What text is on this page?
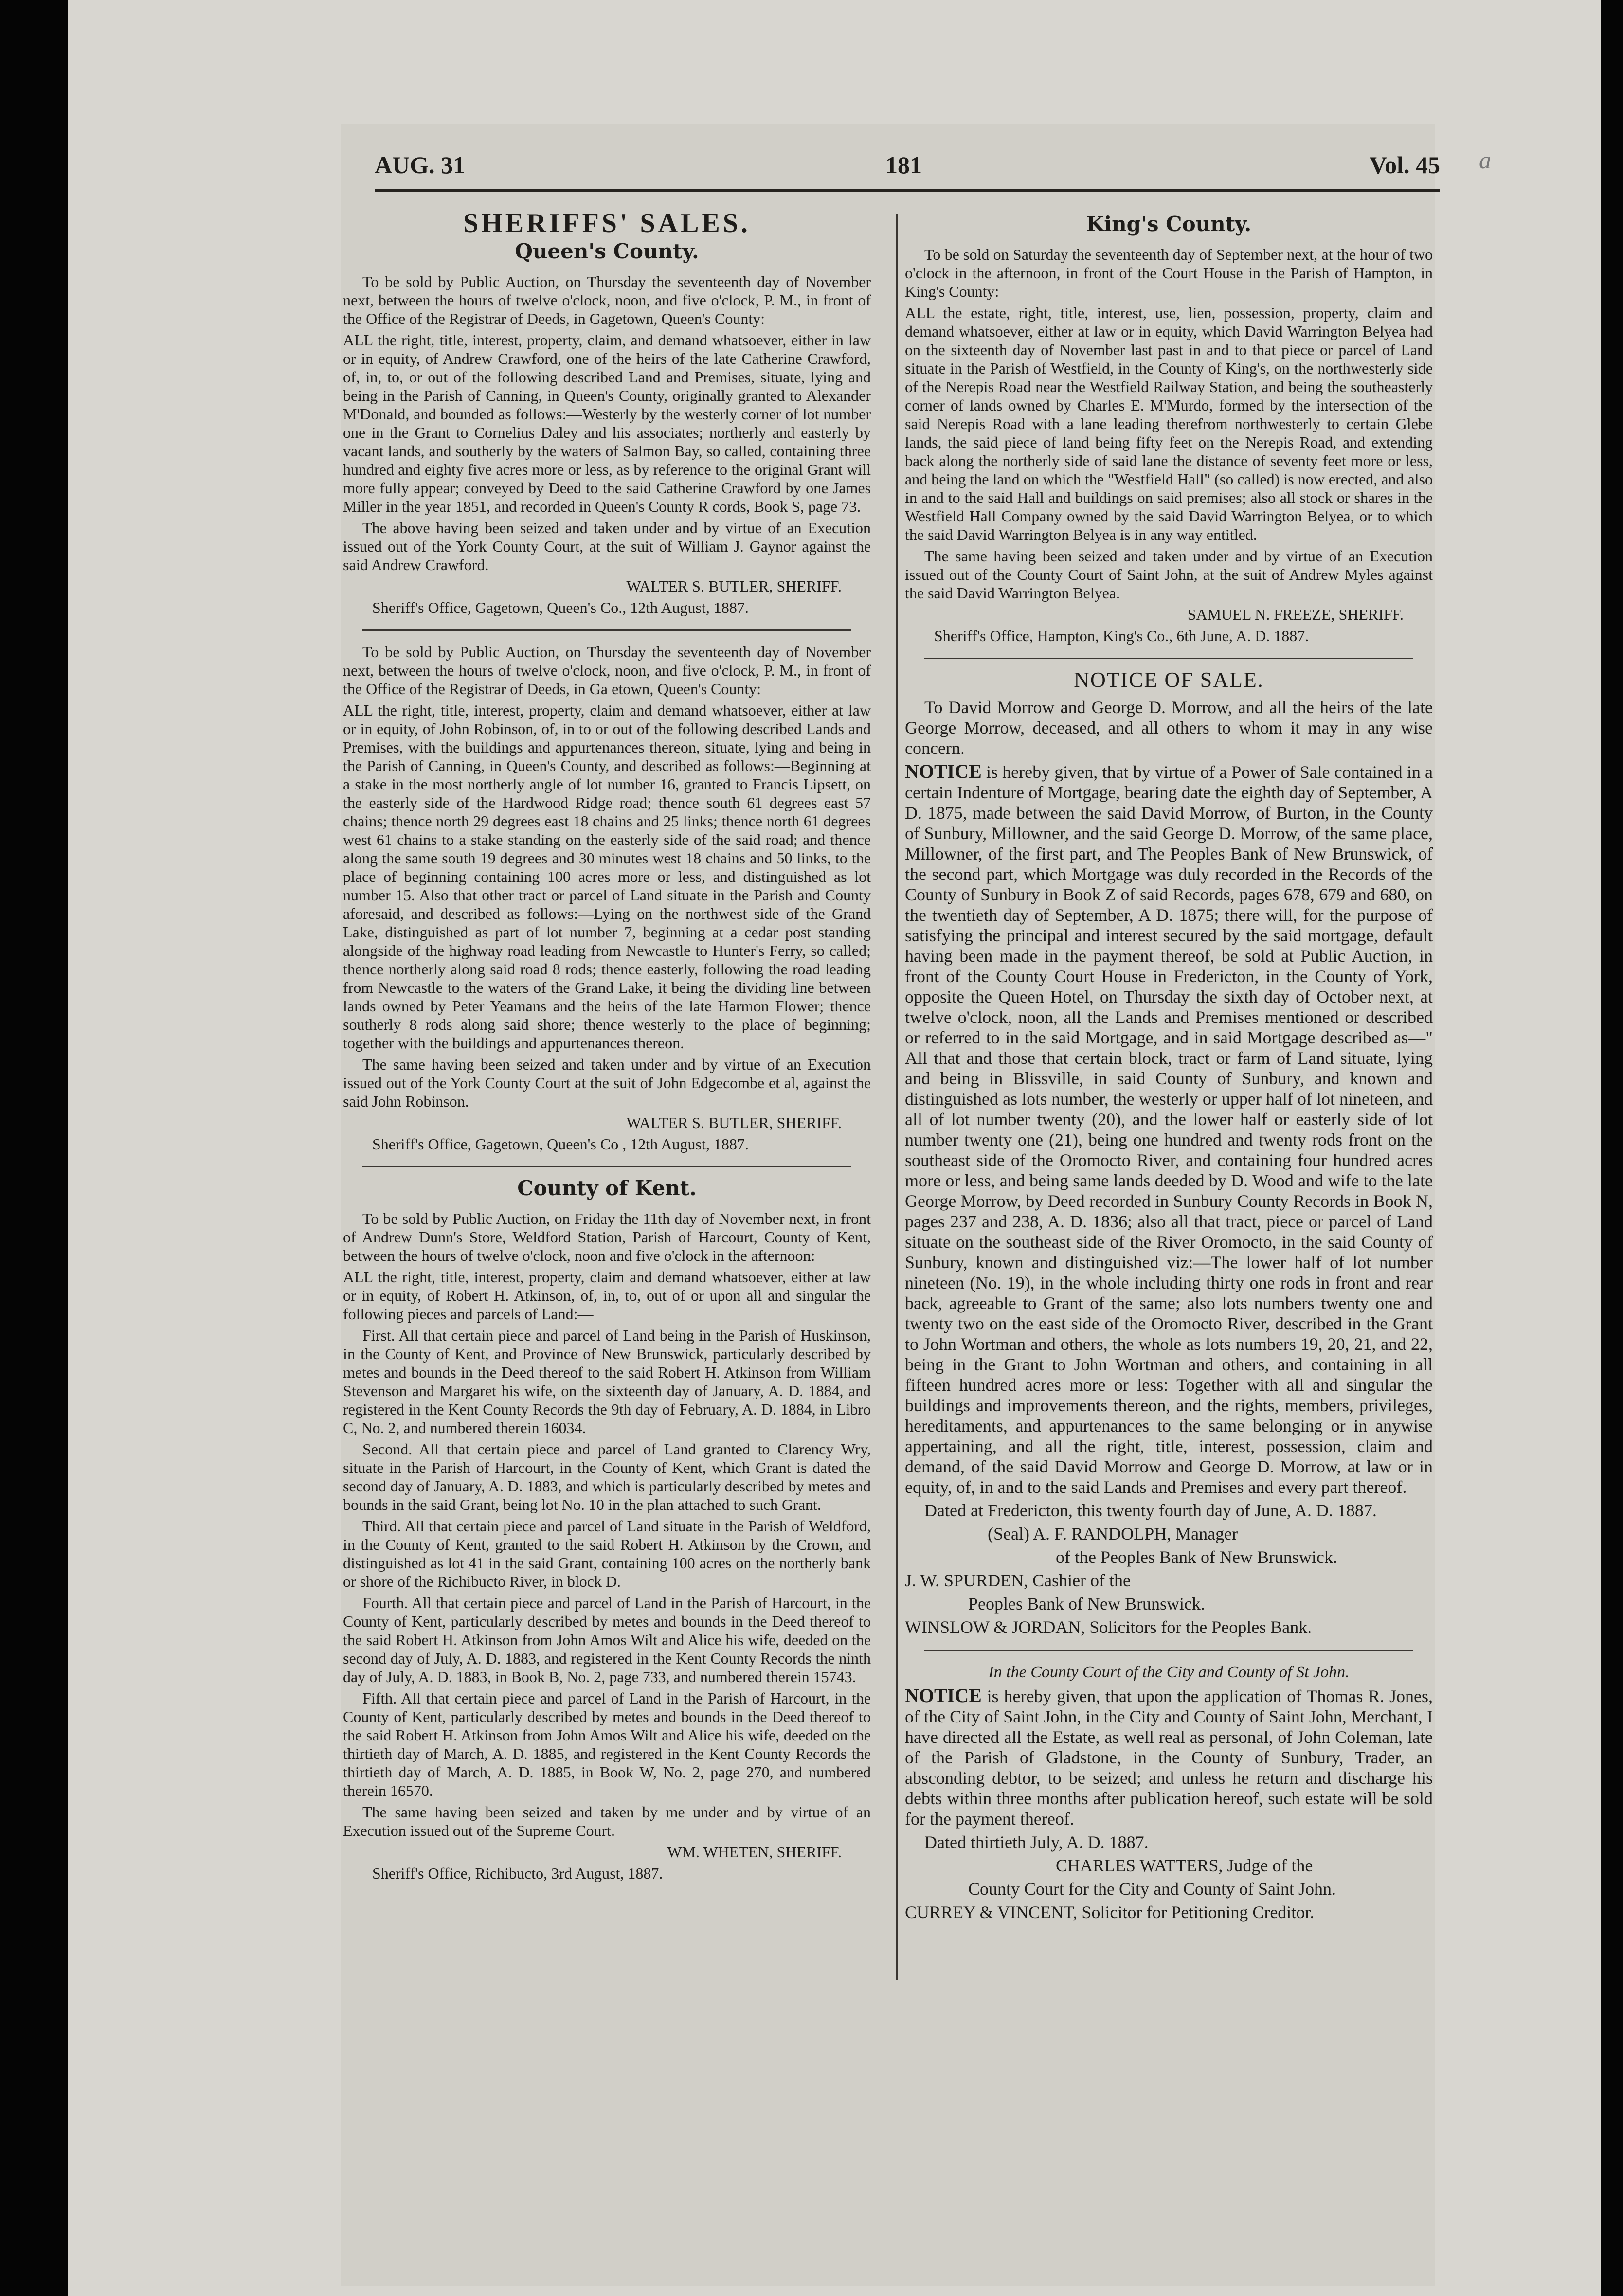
AUG. 31	181	Vol. 45 a
SHERIFFS' SALES.
Queen's County.

To be sold by Public Auction, on Thursday the seventeenth day of November next, between the hours of twelve o'clock, noon, and five o'clock, P. M., in front of the Office of the Registrar of Deeds, in Gagetown, Queen's County:

ALL the right, title, interest, property, claim, and demand whatsoever, either in law or in equity, of Andrew Crawford, one of the heirs of the late Catherine Crawford, of, in, to, or out of the following described Land and Premises, situate, lying and being in the Parish of Canning, in Queen's County, originally granted to Alexander M'Donald, and bounded as follows:—Westerly by the westerly corner of lot number one in the Grant to Cornelius Daley and his associates; northerly and easterly by vacant lands, and southerly by the waters of Salmon Bay, so called, containing three hundred and eighty five acres more or less, as by reference to the original Grant will more fully appear; conveyed by Deed to the said Catherine Crawford by one James Miller in the year 1851, and recorded in Queen's County R cords, Book S, page 73.

The above having been seized and taken under and by virtue of an Execution issued out of the York County Court, at the suit of William J. Gaynor against the said Andrew Crawford.

WALTER S. BUTLER, SHERIFF.

Sheriff's Office, Gagetown, Queen's Co., 12th August, 1887.

To be sold by Public Auction, on Thursday the seventeenth day of November next, between the hours of twelve o'clock, noon, and five o'clock, P. M., in front of the Office of the Registrar of Deeds, in Ga etown, Queen's County:

ALL the right, title, interest, property, claim and demand whatsoever, either at law or in equity, of John Robinson, of, in to or out of the following described Lands and Premises, with the buildings and appurtenances thereon, situate, lying and being in the Parish of Canning, in Queen's County, and described as follows:—Beginning at a stake in the most northerly angle of lot number 16, granted to Francis Lipsett, on the easterly side of the Hardwood Ridge road; thence south 61 degrees east 57 chains; thence north 29 degrees east 18 chains and 25 links; thence north 61 degrees west 61 chains to a stake standing on the easterly side of the said road; and thence along the same south 19 degrees and 30 minutes west 18 chains and 50 links, to the place of beginning containing 100 acres more or less, and distinguished as lot number 15. Also that other tract or parcel of Land situate in the Parish and County aforesaid, and described as follows:—Lying on the northwest side of the Grand Lake, distinguished as part of lot number 7, beginning at a cedar post standing alongside of the highway road leading from Newcastle to Hunter's Ferry, so called; thence northerly along said road 8 rods; thence easterly, following the road leading from Newcastle to the waters of the Grand Lake, it being the dividing line between lands owned by Peter Yeamans and the heirs of the late Harmon Flower; thence southerly 8 rods along said shore; thence westerly to the place of beginning; together with the buildings and appurtenances thereon.

The same having been seized and taken under and by virtue of an Execution issued out of the York County Court at the suit of John Edgecombe et al, against the said John Robinson.

WALTER S. BUTLER, SHERIFF.

Sheriff's Office, Gagetown, Queen's Co , 12th August, 1887.

County of Kent.

To be sold by Public Auction, on Friday the 11th day of November next, in front of Andrew Dunn's Store, Weldford Station, Parish of Harcourt, County of Kent, between the hours of twelve o'clock, noon and five o'clock in the afternoon:

ALL the right, title, interest, property, claim and demand whatsoever, either at law or in equity, of Robert H. Atkinson, of, in, to, out of or upon all and singular the following pieces and parcels of Land:—

First. All that certain piece and parcel of Land being in the Parish of Huskinson, in the County of Kent, and Province of New Brunswick, particularly described by metes and bounds in the Deed thereof to the said Robert H. Atkinson from William Stevenson and Margaret his wife, on the sixteenth day of January, A. D. 1884, and registered in the Kent County Records the 9th day of February, A. D. 1884, in Libro C, No. 2, and numbered therein 16034.

Second. All that certain piece and parcel of Land granted to Clarency Wry, situate in the Parish of Harcourt, in the County of Kent, which Grant is dated the second day of January, A. D. 1883, and which is particularly described by metes and bounds in the said Grant, being lot No. 10 in the plan attached to such Grant.

Third. All that certain piece and parcel of Land situate in the Parish of Weldford, in the County of Kent, granted to the said Robert H. Atkinson by the Crown, and distinguished as lot 41 in the said Grant, containing 100 acres on the northerly bank or shore of the Richibucto River, in block D.

Fourth. All that certain piece and parcel of Land in the Parish of Harcourt, in the County of Kent, particularly described by metes and bounds in the Deed thereof to the said Robert H. Atkinson from John Amos Wilt and Alice his wife, deeded on the second day of July, A. D. 1883, and registered in the Kent County Records the ninth day of July, A. D. 1883, in Book B, No. 2, page 733, and numbered therein 15743.

Fifth. All that certain piece and parcel of Land in the Parish of Harcourt, in the County of Kent, particularly described by metes and bounds in the Deed thereof to the said Robert H. Atkinson from John Amos Wilt and Alice his wife, deeded on the thirtieth day of March, A. D. 1885, and registered in the Kent County Records the thirtieth day of March, A. D. 1885, in Book W, No. 2, page 270, and numbered therein 16570.

The same having been seized and taken by me under and by virtue of an Execution issued out of the Supreme Court.

WM. WHETEN, SHERIFF.

Sheriff's Office, Richibucto, 3rd August, 1887.

King's County.

To be sold on Saturday the seventeenth day of September next, at the hour of two o'clock in the afternoon, in front of the Court House in the Parish of Hampton, in King's County:

ALL the estate, right, title, interest, use, lien, possession, property, claim and demand whatsoever, either at law or in equity, which David Warrington Belyea had on the sixteenth day of November last past in and to that piece or parcel of Land situate in the Parish of Westfield, in the County of King's, on the northwesterly side of the Nerepis Road near the Westfield Railway Station, and being the southeasterly corner of lands owned by Charles E. M'Murdo, formed by the intersection of the said Nerepis Road with a lane leading therefrom northwesterly to certain Glebe lands, the said piece of land being fifty feet on the Nerepis Road, and extending back along the northerly side of said lane the distance of seventy feet more or less, and being the land on which the "Westfield Hall" (so called) is now erected, and also in and to the said Hall and buildings on said premises; also all stock or shares in the Westfield Hall Company owned by the said David Warrington Belyea, or to which the said David Warrington Belyea is in any way entitled.

The same having been seized and taken under and by virtue of an Execution issued out of the County Court of Saint John, at the suit of Andrew Myles against the said David Warrington Belyea.

SAMUEL N. FREEZE, SHERIFF.

Sheriff's Office, Hampton, King's Co., 6th June, A. D. 1887.

NOTICE OF SALE.

To David Morrow and George D. Morrow, and all the heirs of the late George Morrow, deceased, and all others to whom it may in any wise concern.

NOTICE is hereby given, that by virtue of a Power of Sale contained in a certain Indenture of Mortgage, bearing date the eighth day of September, A D. 1875, made between the said David Morrow, of Burton, in the County of Sunbury, Millowner, and the said George D. Morrow, of the same place, Millowner, of the first part, and The Peoples Bank of New Brunswick, of the second part, which Mortgage was duly recorded in the Records of the County of Sunbury in Book Z of said Records, pages 678, 679 and 680, on the twentieth day of September, A D. 1875; there will, for the purpose of satisfying the principal and interest secured by the said mortgage, default having been made in the payment thereof, be sold at Public Auction, in front of the County Court House in Fredericton, in the County of York, opposite the Queen Hotel, on Thursday the sixth day of October next, at twelve o'clock, noon, all the Lands and Premises mentioned or described or referred to in the said Mortgage, and in said Mortgage described as—" All that and those that certain block, tract or farm of Land situate, lying and being in Blissville, in said County of Sunbury, and known and distinguished as lots number, the westerly or upper half of lot nineteen, and all of lot number twenty (20), and the lower half or easterly side of lot number twenty one (21), being one hundred and twenty rods front on the southeast side of the Oromocto River, and containing four hundred acres more or less, and being same lands deeded by D. Wood and wife to the late George Morrow, by Deed recorded in Sunbury County Records in Book N, pages 237 and 238, A. D. 1836; also all that tract, piece or parcel of Land situate on the southeast side of the River Oromocto, in the said County of Sunbury, known and distinguished viz:—The lower half of lot number nineteen (No. 19), in the whole including thirty one rods in front and rear back, agreeable to Grant of the same; also lots numbers twenty one and twenty two on the east side of the Oromocto River, described in the Grant to John Wortman and others, the whole as lots numbers 19, 20, 21, and 22, being in the Grant to John Wortman and others, and containing in all fifteen hundred acres more or less: Together with all and singular the buildings and improvements thereon, and the rights, members, privileges, hereditaments, and appurtenances to the same belonging or in anywise appertaining, and all the right, title, interest, possession, claim and demand, of the said David Morrow and George D. Morrow, at law or in equity, of, in and to the said Lands and Premises and every part thereof.

Dated at Fredericton, this twenty fourth day of June, A. D. 1887.

(Seal) A. F. RANDOLPH, Manager

of the Peoples Bank of New Brunswick.

J. W. SPURDEN, Cashier of the

Peoples Bank of New Brunswick.

WINSLOW & JORDAN, Solicitors for the Peoples Bank.

In the County Court of the City and County of St John.

NOTICE is hereby given, that upon the application of Thomas R. Jones, of the City of Saint John, in the City and County of Saint John, Merchant, I have directed all the Estate, as well real as personal, of John Coleman, late of the Parish of Gladstone, in the County of Sunbury, Trader, an absconding debtor, to be seized; and unless he return and discharge his debts within three months after publication hereof, such estate will be sold for the payment thereof.

Dated thirtieth July, A. D. 1887.

CHARLES WATTERS, Judge of the

County Court for the City and County of Saint John.

CURREY & VINCENT, Solicitor for Petitioning Creditor.
